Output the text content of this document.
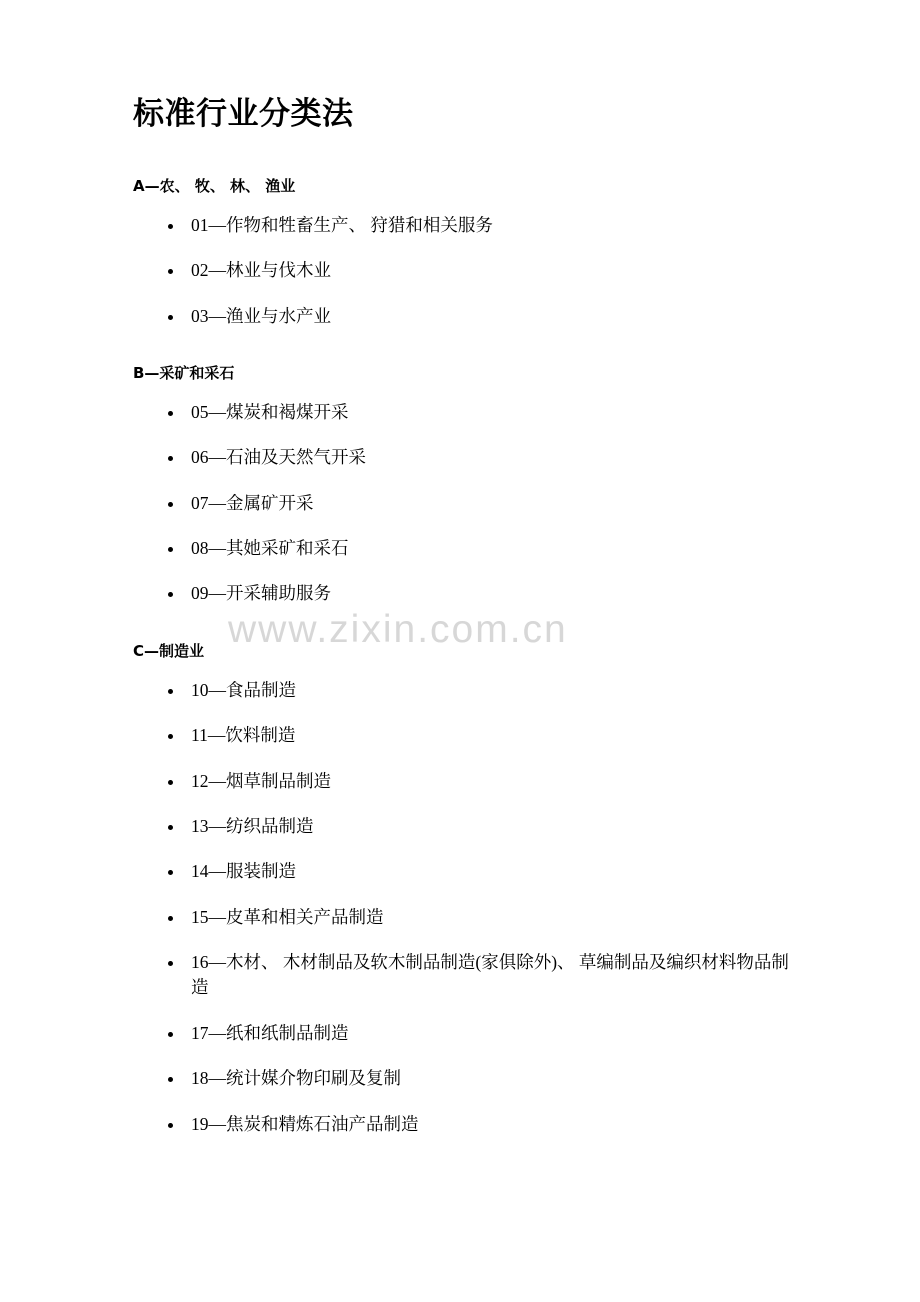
www.zixin.com.cn
标准行业分类法
A—农、 牧、 林、 渔业
01—作物和牲畜生产、 狩猎和相关服务
02—林业与伐木业
03—渔业与水产业
B—采矿和采石
05—煤炭和褐煤开采
06—石油及天然气开采
07—金属矿开采
08—其她采矿和采石
09—开采辅助服务
C—制造业
10—食品制造
11—饮料制造
12—烟草制品制造
13—纺织品制造
14—服装制造
15—皮革和相关产品制造
16—木材、 木材制品及软木制品制造(家俱除外)、 草编制品及编织材料物品制造
17—纸和纸制品制造
18—统计媒介物印刷及复制
19—焦炭和精炼石油产品制造
